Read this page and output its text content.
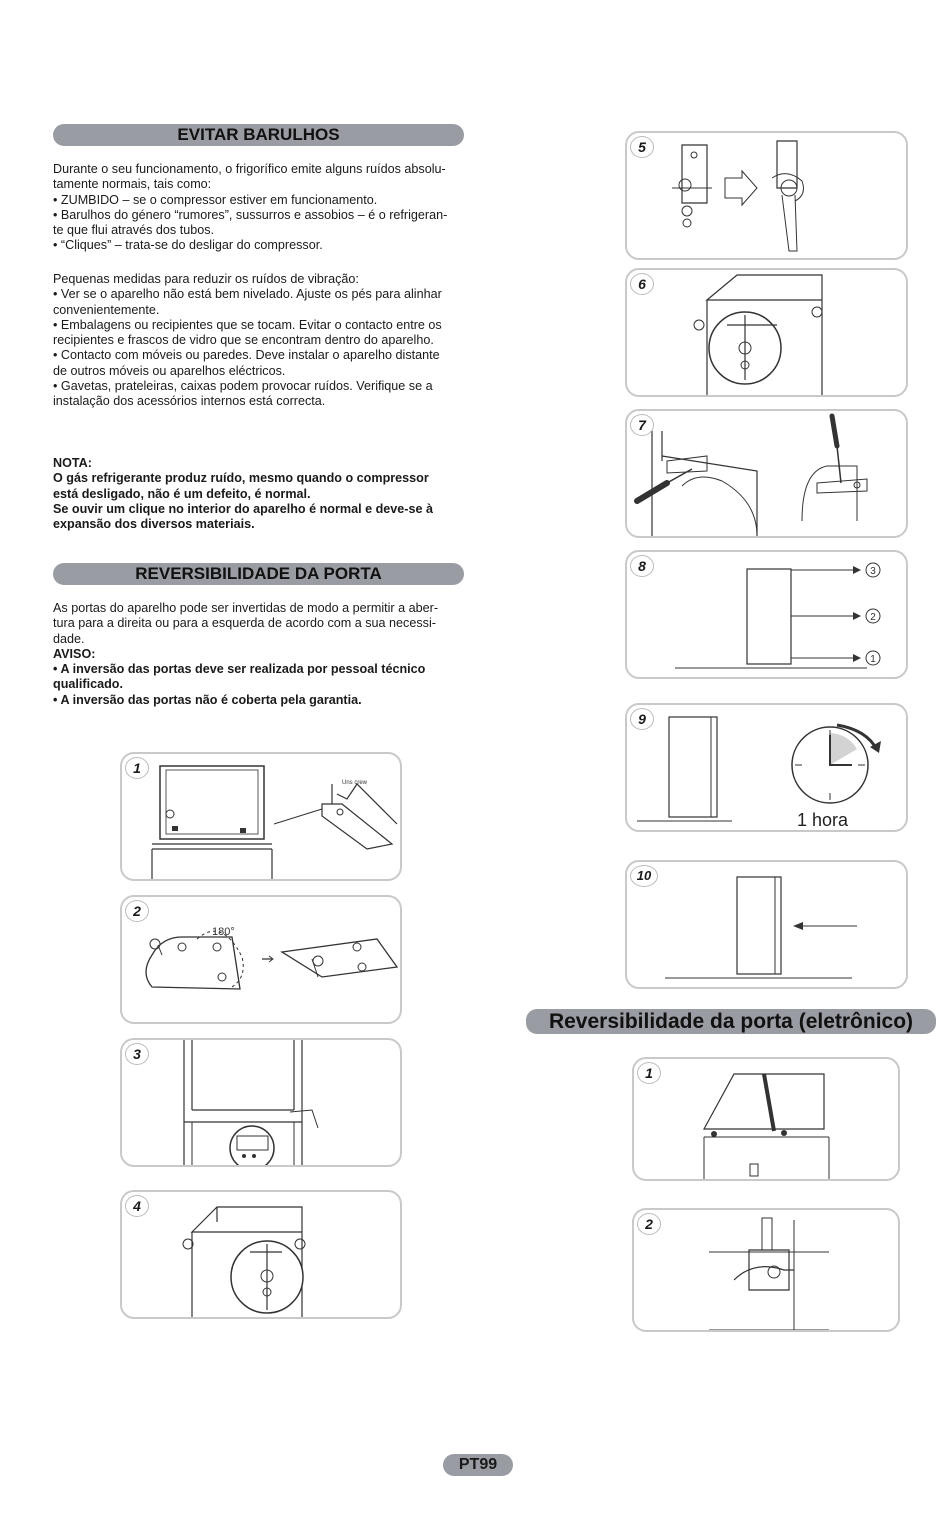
EVITAR BARULHOS

Durante o seu funcionamento, o frigorífico emite alguns ruídos absolu-

tamente normais, tais como:

• ZUMBIDO – se o compressor estiver em funcionamento.

• Barulhos do género “rumores”, sussurros e assobios – é o refrigeran-

te que flui através dos tubos.

• “Cliques” – trata-se do desligar do compressor.

Pequenas medidas para reduzir os ruídos de vibração:

• Ver se o aparelho não está bem nivelado. Ajuste os pés para alinhar

convenientemente.

• Embalagens ou recipientes que se tocam. Evitar o contacto entre os

recipientes e frascos de vidro que se encontram dentro do aparelho.

• Contacto com móveis ou paredes. Deve instalar o aparelho distante

de outros móveis ou aparelhos eléctricos.

• Gavetas, prateleiras, caixas podem provocar ruídos. Verifique se a

instalação dos acessórios internos está correcta.

NOTA:

O gás refrigerante produz ruído, mesmo quando o compressor

está desligado, não é um defeito, é normal.

Se ouvir um clique no interior do aparelho é normal e deve-se à

expansão dos diversos materiais.

REVERSIBILIDADE DA PORTA

As portas do aparelho pode ser invertidas de modo a permitir a aber-

tura para a direita ou para a esquerda de acordo com a sua necessi-

dade.

AVISO:

• A inversão das portas deve ser realizada por pessoal técnico

qualificado.

• A inversão das portas não é coberta pela garantia.

1
Uns crew
2
180°
3
4
5
6
7
8	3
2
1
9
1 hora
10
Reversibilidade da porta (eletrônico)
1
2
PT99
